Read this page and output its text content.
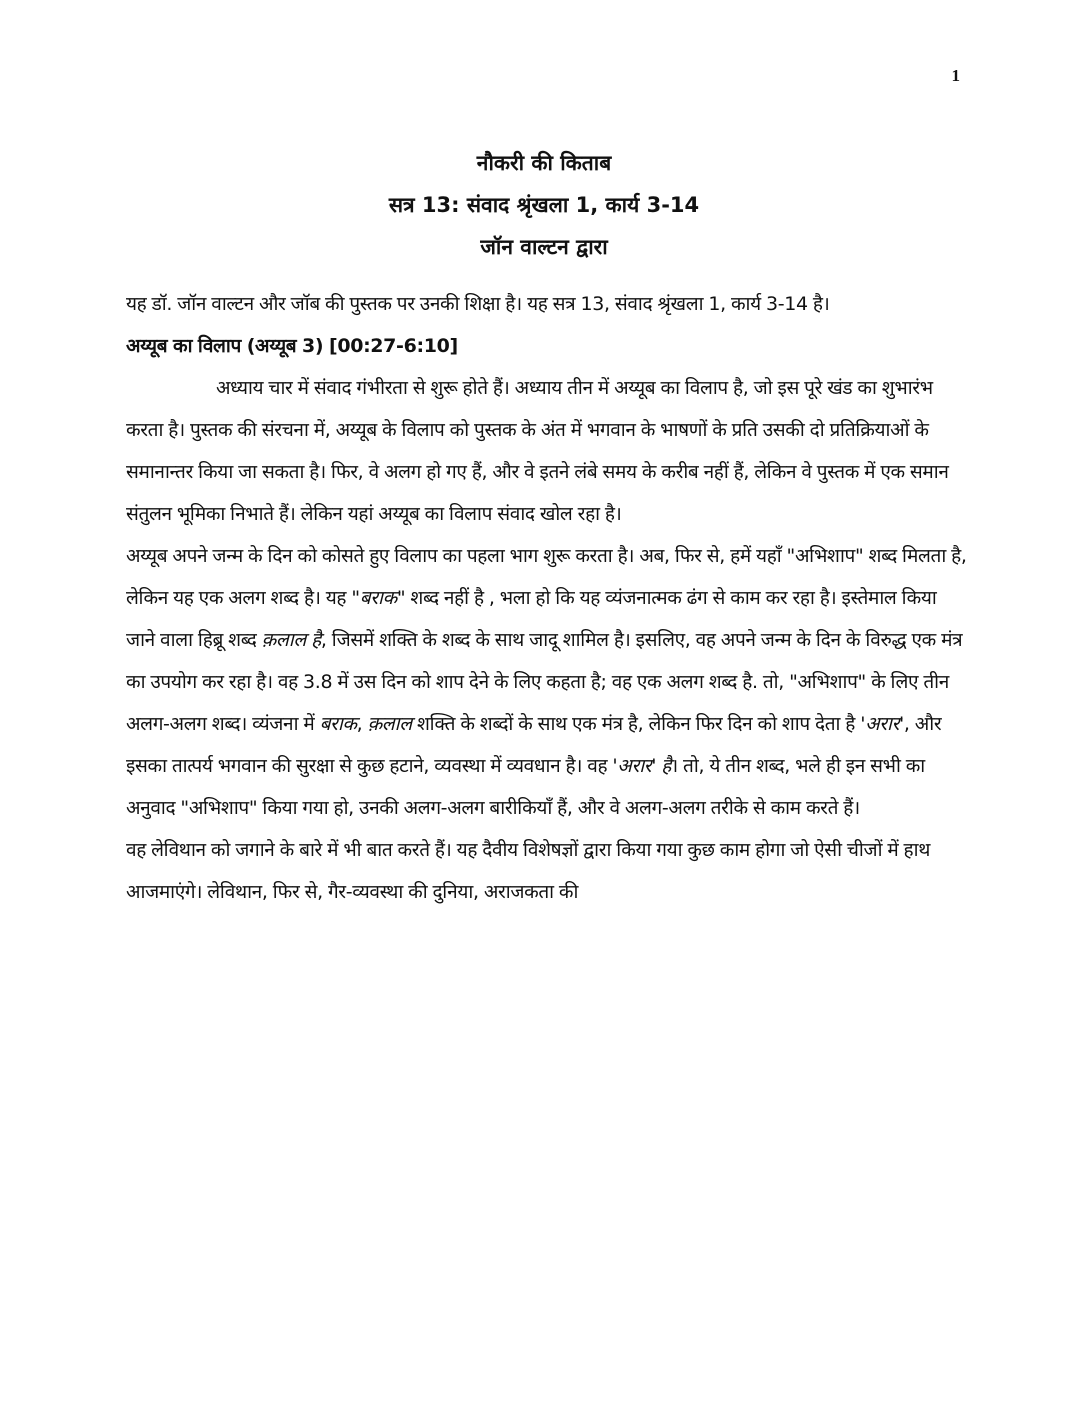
1
नौकरी की किताब
सत्र 13: संवाद श्रृंखला 1, कार्य 3-14
जॉन वाल्टन द्वारा

यह डॉ. जॉन वाल्टन और जॉब की पुस्तक पर उनकी शिक्षा है। यह सत्र 13, संवाद श्रृंखला 1, कार्य 3-14 है।

अय्यूब का विलाप (अय्यूब 3) [00:27-6:10]

अध्याय चार में संवाद गंभीरता से शुरू होते हैं। अध्याय तीन में अय्यूब का विलाप है, जो इस पूरे खंड का शुभारंभ करता है। पुस्तक की संरचना में, अय्यूब के विलाप को पुस्तक के अंत में भगवान के भाषणों के प्रति उसकी दो प्रतिक्रियाओं के समानान्तर किया जा सकता है। फिर, वे अलग हो गए हैं, और वे इतने लंबे समय के करीब नहीं हैं, लेकिन वे पुस्तक में एक समान संतुलन भूमिका निभाते हैं। लेकिन यहां अय्यूब का विलाप संवाद खोल रहा है।

अय्यूब अपने जन्म के दिन को कोसते हुए विलाप का पहला भाग शुरू करता है। अब, फिर से, हमें यहाँ "अभिशाप" शब्द मिलता है, लेकिन यह एक अलग शब्द है। यह "बराक" शब्द नहीं है , भला हो कि यह व्यंजनात्मक ढंग से काम कर रहा है। इस्तेमाल किया जाने वाला हिब्रू शब्द क़लाल है, जिसमें शक्ति के शब्द के साथ जादू शामिल है। इसलिए, वह अपने जन्म के दिन के विरुद्ध एक मंत्र का उपयोग कर रहा है। वह 3.8 में उस दिन को शाप देने के लिए कहता है; वह एक अलग शब्द है. तो, "अभिशाप" के लिए तीन अलग-अलग शब्द। व्यंजना में बराक, क़लाल शक्ति के शब्दों के साथ एक मंत्र है, लेकिन फिर दिन को शाप देता है 'अरार', और इसका तात्पर्य भगवान की सुरक्षा से कुछ हटाने, व्यवस्था में व्यवधान है। वह 'अरार' है। तो, ये तीन शब्द, भले ही इन सभी का अनुवाद "अभिशाप" किया गया हो, उनकी अलग-अलग बारीकियाँ हैं, और वे अलग-अलग तरीके से काम करते हैं।

वह लेविथान को जगाने के बारे में भी बात करते हैं। यह दैवीय विशेषज्ञों द्वारा किया गया कुछ काम होगा जो ऐसी चीजों में हाथ आजमाएंगे। लेविथान, फिर से, गैर-व्यवस्था की दुनिया, अराजकता की
